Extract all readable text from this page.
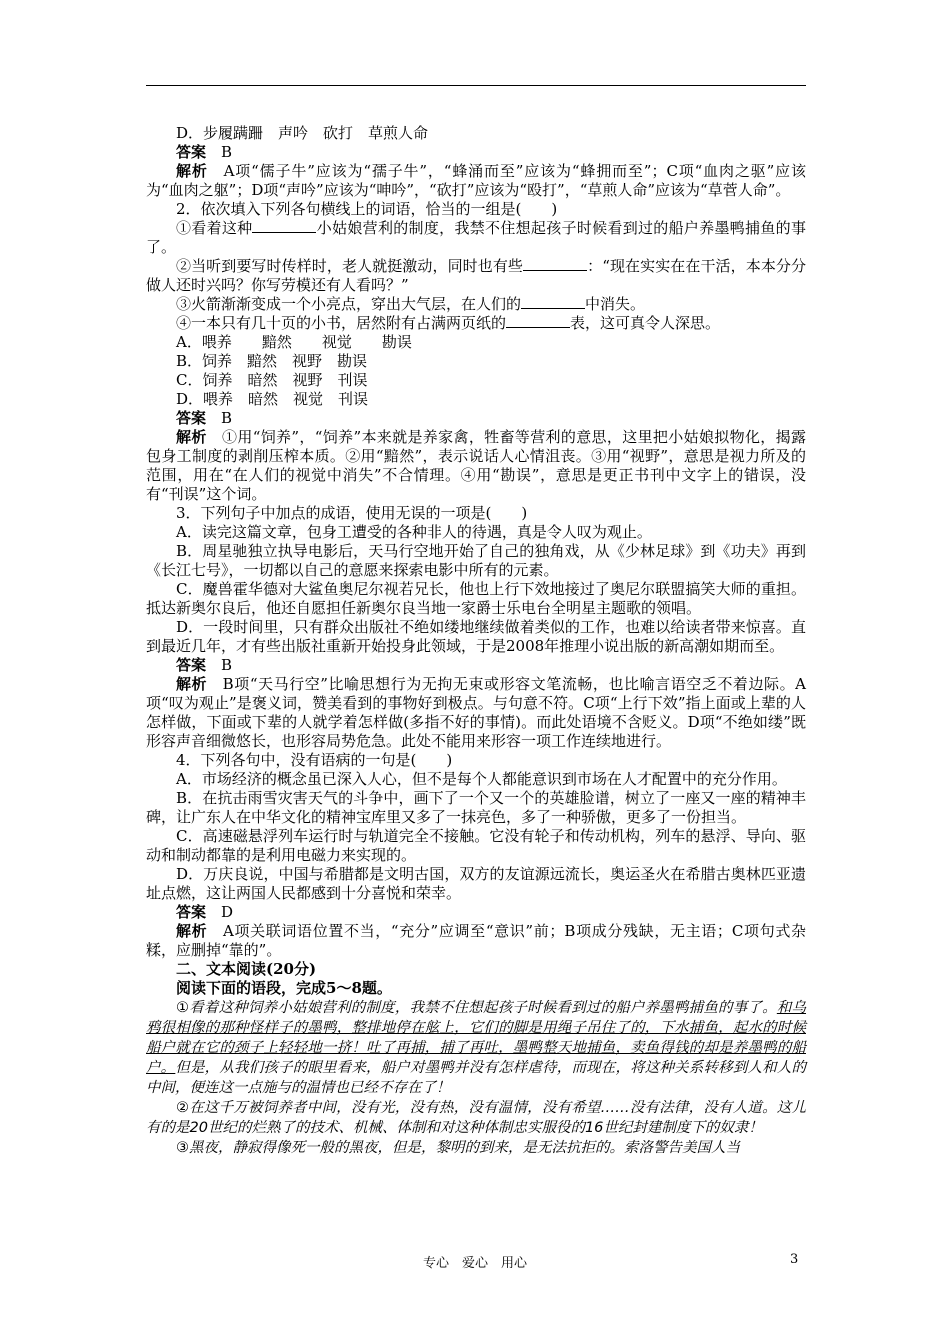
D．步履蹒跚　声吟　砍打　草煎人命

答案　B

解析　A项“儒子牛”应该为“孺子牛”，“蜂涌而至”应该为“蜂拥而至”；C项“血肉之驱”应该为“血肉之躯”；D项“声吟”应该为“呻吟”，“砍打”应该为“殴打”，“草煎人命”应该为“草菅人命”。

2．依次填入下列各句横线上的词语，恰当的一组是(　　)

①看着这种	小姑娘营利的制度，我禁不住想起孩子时候看到过的船户养墨鸭捕鱼的事了。

②当听到要写时传样时，老人就挺激动，同时也有些	：“现在实实在在干活，本本分分做人还时兴吗？你写劳模还有人看吗？”

③火箭渐渐变成一个小亮点，穿出大气层，在人们的	中消失。

④一本只有几十页的小书，居然附有占满两页纸的	表，这可真令人深思。

A．喂养　　黯然　　视觉　　勘误

B．饲养　黯然　视野　勘误

C．饲养　暗然　视野　刊误

D．喂养　暗然　视觉　刊误

答案　B

解析　①用“饲养”，“饲养”本来就是养家禽，牲畜等营利的意思，这里把小姑娘拟物化，揭露包身工制度的剥削压榨本质。②用“黯然”，表示说话人心情沮丧。③用“视野”，意思是视力所及的范围，用在“在人们的视觉中消失”不合情理。④用“勘误”，意思是更正书刊中文字上的错误，没有“刊误”这个词。

3．下列句子中加点的成语，使用无误的一项是(　　)

A．读完这篇文章，包身工遭受的各种非人的待遇，真是令人叹为观止。

B．周星驰独立执导电影后，天马行空地开始了自己的独角戏，从《少林足球》到《功夫》再到《长江七号》，一切都以自己的意愿来探索电影中所有的元素。

C．魔兽霍华德对大鲨鱼奥尼尔视若兄长，他也上行下效地接过了奥尼尔联盟搞笑大师的重担。抵达新奥尔良后，他还自愿担任新奥尔良当地一家爵士乐电台全明星主题歌的领唱。

D．一段时间里，只有群众出版社不绝如缕地继续做着类似的工作，也难以给读者带来惊喜。直到最近几年，才有些出版社重新开始投身此领域，于是2008年推理小说出版的新高潮如期而至。

答案　B

解析　B项“天马行空”比喻思想行为无拘无束或形容文笔流畅，也比喻言语空乏不着边际。A项“叹为观止”是褒义词，赞美看到的事物好到极点。与句意不符。C项“上行下效”指上面或上辈的人怎样做，下面或下辈的人就学着怎样做(多指不好的事情)。而此处语境不含贬义。D项“不绝如缕”既形容声音细微悠长，也形容局势危急。此处不能用来形容一项工作连续地进行。

4．下列各句中，没有语病的一句是(　　)

A．市场经济的概念虽已深入人心，但不是每个人都能意识到市场在人才配置中的充分作用。

B．在抗击雨雪灾害天气的斗争中，画下了一个又一个的英雄脸谱，树立了一座又一座的精神丰碑，让广东人在中华文化的精神宝库里又多了一抹亮色，多了一种骄傲，更多了一份担当。

C．高速磁悬浮列车运行时与轨道完全不接触。它没有轮子和传动机构，列车的悬浮、导向、驱动和制动都靠的是利用电磁力来实现的。

D．万庆良说，中国与希腊都是文明古国，双方的友谊源远流长，奥运圣火在希腊古奥林匹亚遗址点燃，这让两国人民都感到十分喜悦和荣幸。

答案　D

解析　A项关联词语位置不当，“充分”应调至“意识”前；B项成分残缺，无主语；C项句式杂糅，应删掉“靠的”。

二、文本阅读(20分)

阅读下面的语段，完成5～8题。

①看着这种饲养小姑娘营利的制度，我禁不住想起孩子时候看到过的船户养墨鸭捕鱼的事了。和乌鸦很相像的那种怪样子的墨鸭，整排地停在舷上，它们的脚是用绳子吊住了的，下水捕鱼，起水的时候船户就在它的颈子上轻轻地一挤！吐了再捕，捕了再吐，墨鸭整天地捕鱼，卖鱼得钱的却是养墨鸭的船户。但是，从我们孩子的眼里看来，船户对墨鸭并没有怎样虐待，而现在，将这种关系转移到人和人的中间，便连这一点施与的温情也已经不存在了！

②在这千万被饲养者中间，没有光，没有热，没有温情，没有希望……没有法律，没有人道。这儿有的是20世纪的烂熟了的技术、机械、体制和对这种体制忠实服役的16世纪封建制度下的奴隶！

③黑夜，静寂得像死一般的黑夜，但是，黎明的到来，是无法抗拒的。索洛警告美国人当

专心　爱心　用心	3
